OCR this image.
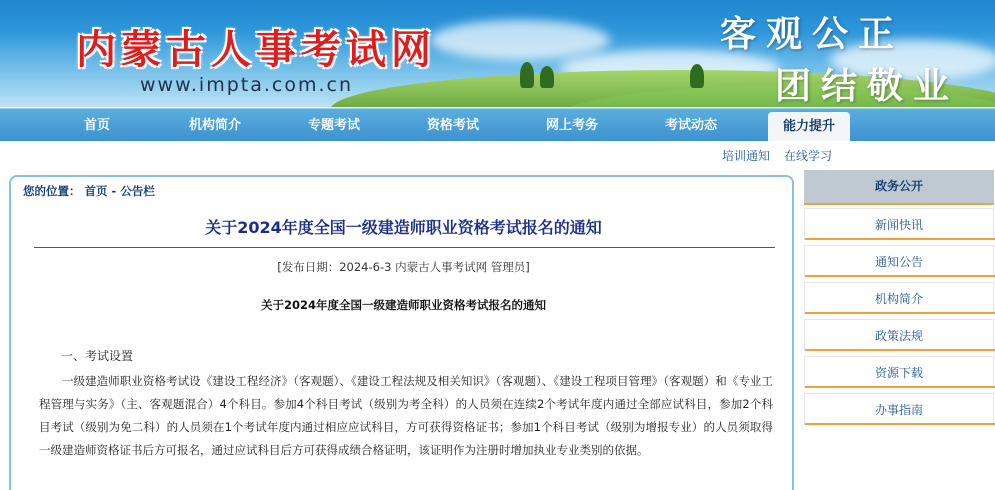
内蒙古人事考试网
www.impta.com.cn
客观公正
团结敬业
首页	机构简介	专题考试	资格考试	网上考务	考试动态	能力提升
培训通知 在线学习
您的位置： 首页 - 公告栏
关于2024年度全国一级建造师职业资格考试报名的通知
[发布日期：2024-6-3 内蒙古人事考试网 管理员]
关于2024年度全国一级建造师职业资格考试报名的通知
一、考试设置
一级建造师职业资格考试设《建设工程经济》（客观题）、《建设工程法规及相关知识》（客观题）、《建设工程项目管理》（客观题）和《专业工程管理与实务》（主、客观题混合）4个科目。参加4个科目考试（级别为考全科）的人员须在连续2个考试年度内通过全部应试科目，参加2个科目考试（级别为免二科）的人员须在1个考试年度内通过相应应试科目，方可获得资格证书；参加1个科目考试（级别为增报专业）的人员须取得一级建造师资格证书后方可报名，通过应试科目后方可获得成绩合格证明，该证明作为注册时增加执业专业类别的依据。
政务公开
新闻快讯
通知公告
机构简介
政策法规
资源下载
办事指南
